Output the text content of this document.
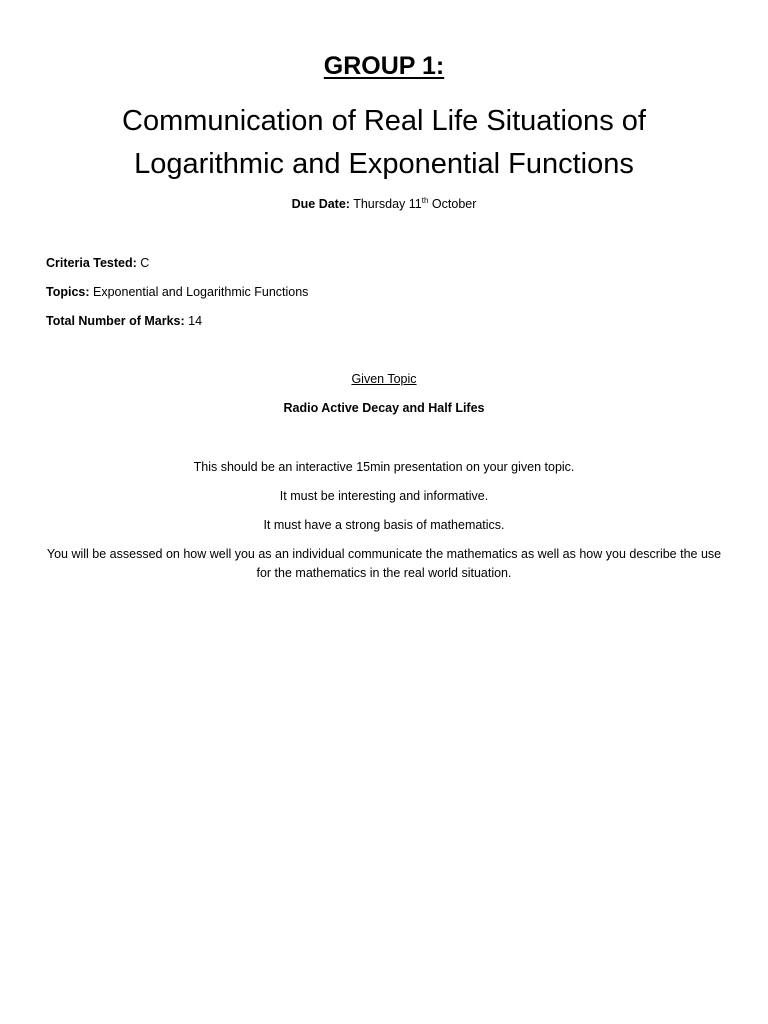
GROUP 1:
Communication of Real Life Situations of
Logarithmic and Exponential Functions
Due Date: Thursday 11th October
Criteria Tested: C
Topics: Exponential and Logarithmic Functions
Total Number of Marks: 14
Given Topic
Radio Active Decay and Half Lifes
This should be an interactive 15min presentation on your given topic.
It must be interesting and informative.
It must have a strong basis of mathematics.
You will be assessed on how well you as an individual communicate the mathematics as well as how you describe the use for the mathematics in the real world situation.
